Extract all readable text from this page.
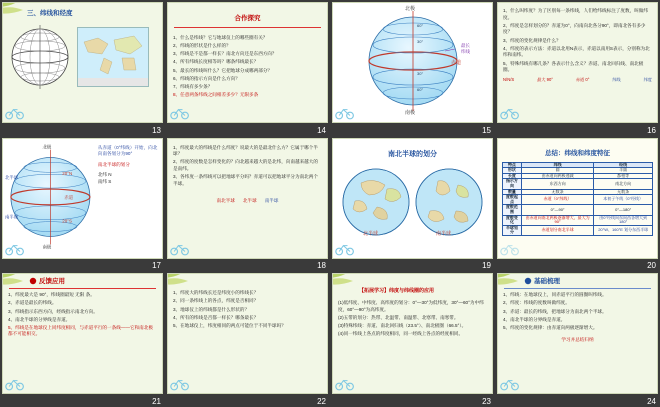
三、纬线和经度
13
合作探究
1、什么是纬线？它与地球仪上的哪些圈有关？
2、纬线的形状是什么样的？
3、纬线是不是都一样长？南北方向还是东西方向？
4、所有纬线长度相等吗？哪条纬线最长？
5、最长的纬线叫什么？它把地球分成哪两部分？
6、纬线的指示方向是什么方向？
7、纬线有多少条？
8、任意两条纬线之间相差多少？无限多条
14
北极
南极
赤道
60°
30°
30°
60°
最长
纬线
15
1、什么叫纬度？为了区别每一条纬线，人们给纬线标注了度数，叫做纬度。
2、纬度是怎样划分的？赤道为0°，向南向北各分90°，即南北各有多少度？
3、纬度的变化规律是什么？
4、纬度的表示方法：赤道以北用N表示，赤道以南用S表示，分别称为北纬和南纬。
5、特殊纬线有哪几条？各表示什么含义？赤道、南北回归线、南北极圈。
N/N/S	最大 90°	赤道 0°	纬线	纬度
16
北极
南极
北半球
南半球
20°N
20°S
赤道
从赤道（0°纬线）开始，向北向南各划分为90°
南北半球的划分
北纬 N
南纬 S
17
1、纬度最大的纬线是什么纬度？说最大的是最北什么方？它属于哪个半球？
2、纬度的度数是怎样变化的？向北越来越大的是北纬，向南越来越大的是南纬。
3、各纬度一条纬线可以把地球平分吗？赤道可以把地球平分为南北两个半球。
南北半球 北半球 南半球
18
南北半球的划分
北半球	南半球
19
总结：纬线和纬度特征
特点	纬线	经线
形状	圆	半圆
长度	由赤道向两极递减	都相等
指示方向	东西方向	南北方向
数量	无数条	无数条
度数起点	赤道（0°纬线）	本初子午线（0°经线）
度数范围	0°—90°	0°—180°
度数变化	由赤道向南北两极逐渐增大，最大为90°	由0°经线向东向西各增大到180°
半球划分	赤道划分南北半球	20°W、160°E 划分东西半球
20
反馈应用
1、纬度最大是 90°，纬线圈最短 无限 条。
2、赤道是最长的纬线。
3、纬线指示东西方向，经线指示南北方向。
4、南北半球的分界线是赤道。
5、纬线是在地球仪上同纬度相同，与赤道平行的一条线——它和南北极都不可能相交。
21
1、纬度大的纬线长还是纬度小的纬线长？
2、同一条纬线上的各点，纬度是否相同？
3、地球仪上的纬线都是什么形状的？
4、所有的纬线是否都一样长？哪条最长？
5、在地球仪上，纬度相同的两点可能位于不同半球吗？
22
【拓展学习】纬度与纬线圈的应用
(1)低纬度、中纬度、高纬度的划分：0°—30°为低纬度，30°—60°为中纬度，60°—90°为高纬度。
(2)五带的划分：热带、北温带、南温带、北寒带、南寒带。
(3)特殊纬线：赤道、南北回归线（23.5°）、南北极圈（66.5°）。
(4)同一纬线上各点的纬度相同，同一经线上各点的经度相同。
23
基础梳理
1、纬线：在地球仪上，同赤道平行的圆圈叫纬线。
2、纬度：纬线的度数叫做纬度。
3、赤道：最长的纬线，把地球分为南北两个半球。
4、南北半球的分界线是赤道。
5、纬度的变化规律：由赤道向两极逐渐增大。
学习并总结归纳
24
